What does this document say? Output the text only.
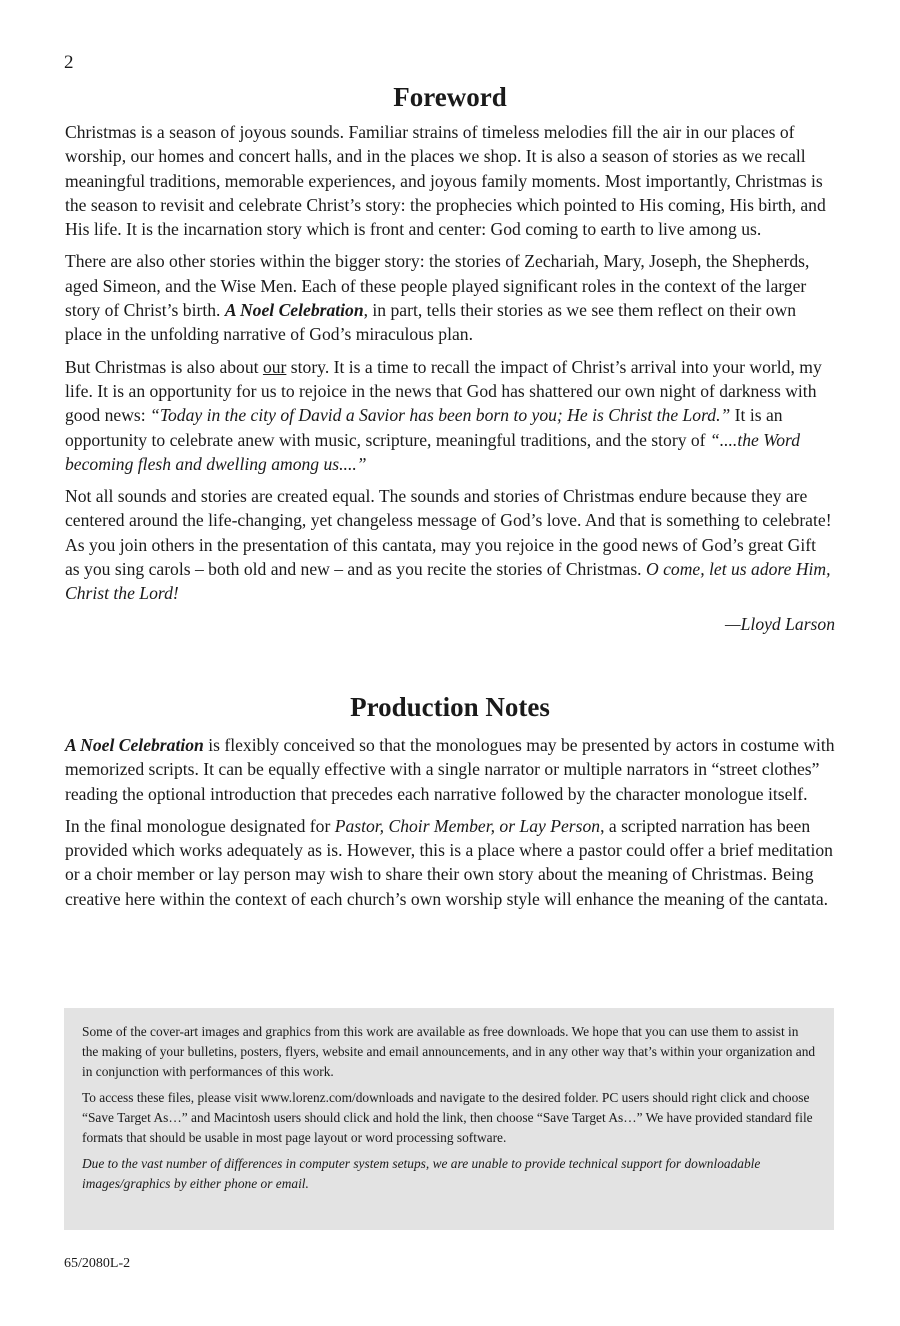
2
Foreword

Christmas is a season of joyous sounds. Familiar strains of timeless melodies fill the air in our places of worship, our homes and concert halls, and in the places we shop. It is also a season of stories as we recall meaningful traditions, memorable experiences, and joyous family moments. Most importantly, Christmas is the season to revisit and celebrate Christ’s story: the prophecies which pointed to His coming, His birth, and His life. It is the incarnation story which is front and center: God coming to earth to live among us.

There are also other stories within the bigger story: the stories of Zechariah, Mary, Joseph, the Shepherds, aged Simeon, and the Wise Men. Each of these people played significant roles in the context of the larger story of Christ’s birth. A Noel Celebration, in part, tells their stories as we see them reflect on their own place in the unfolding narrative of God’s miraculous plan.

But Christmas is also about our story. It is a time to recall the impact of Christ’s arrival into your world, my life. It is an opportunity for us to rejoice in the news that God has shattered our own night of darkness with good news: “Today in the city of David a Savior has been born to you; He is Christ the Lord.” It is an opportunity to celebrate anew with music, scripture, meaningful traditions, and the story of “....the Word becoming flesh and dwelling among us....”

Not all sounds and stories are created equal. The sounds and stories of Christmas endure because they are centered around the life-changing, yet changeless message of God’s love. And that is something to celebrate! As you join others in the presentation of this cantata, may you rejoice in the good news of God’s great Gift as you sing carols – both old and new – and as you recite the stories of Christmas. O come, let us adore Him, Christ the Lord!

—Lloyd Larson

Production Notes

A Noel Celebration is flexibly conceived so that the monologues may be presented by actors in costume with memorized scripts. It can be equally effective with a single narrator or multiple narrators in “street clothes” reading the optional introduction that precedes each narrative followed by the character monologue itself.

In the final monologue designated for Pastor, Choir Member, or Lay Person, a scripted narration has been provided which works adequately as is. However, this is a place where a pastor could offer a brief meditation or a choir member or lay person may wish to share their own story about the meaning of Christmas. Being creative here within the context of each church’s own worship style will enhance the meaning of the cantata.

Some of the cover-art images and graphics from this work are available as free downloads. We hope that you can use them to assist in the making of your bulletins, posters, flyers, website and email announcements, and in any other way that’s within your organization and in conjunction with performances of this work.

To access these files, please visit www.lorenz.com/downloads and navigate to the desired folder. PC users should right click and choose “Save Target As…” and Macintosh users should click and hold the link, then choose “Save Target As…” We have provided standard file formats that should be usable in most page layout or word processing software.

Due to the vast number of differences in computer system setups, we are unable to provide technical support for downloadable images/graphics by either phone or email.

65/2080L-2
